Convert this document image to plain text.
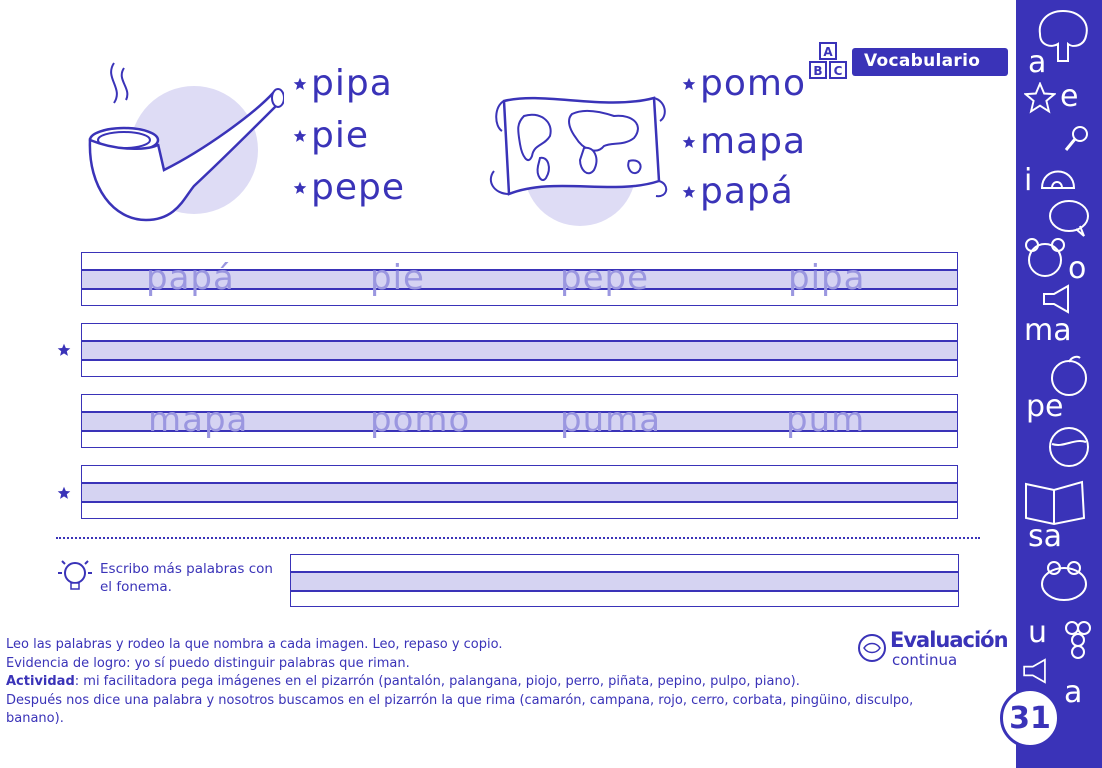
A
B C Vocabulario
pipa
pie
pepe
pomo
mapa
papá
papá	pie	pepe	pipa
mapa	pomo	puma	pum
Escribo más palabras con el fonema.
Leo las palabras y rodeo la que nombra a cada imagen. Leo, repaso y copio.
Evidencia de logro: yo sí puedo distinguir palabras que riman.
Actividad: mi facilitadora pega imágenes en el pizarrón (pantalón, palangana, piojo, perro, piñata, pepino, pulpo, piano).
Después nos dice una palabra y nosotros buscamos en el pizarrón la que rima (camarón, campana, rojo, cerro, corbata, pingüino, disculpo, banano).
Evaluación
continua
a
e
i
o
ma
pe
sa
u
a
31
